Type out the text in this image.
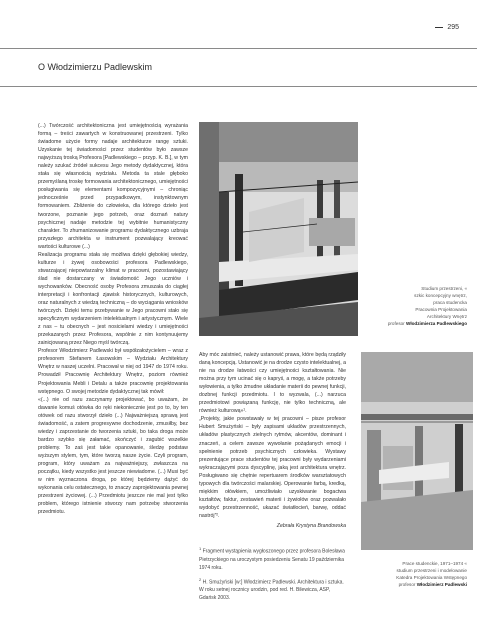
295
O Włodzimierzu Padlewskim

(...) Twórczość architektoniczna jest umiejętnością wyrażania formą – treści zawartych w konstruowanej przestrzeni. Tylko świadome użycie formy nadaje architekturze rangę sztuki. Uzyskanie tej świadomości przez studentów było zawsze najwyższą troską Profesora [Padlewskiego – przyp. K. B.], w tym należy szukać źródeł sukcesu Jego metody dydaktycznej, która stała się własnością wydziału. Metoda ta stale głęboko przemyślaną troskę formowania architektonicznego, umiejętności posługiwania się elementami kompozycyjnymi – chroniąc jednocześnie przed przypadkowym, instynktownym formowaniem. Zbliżenie do człowieka, dla którego dzieło jest tworzone, poznanie jego potrzeb, oraz doznań natury psychicznej nadaje metodzie tej wybitnie humanistyczny charakter. To zhumanizowanie programu dydaktycznego uzbraja przyszłego architekta w instrument pozwalający kreować wartości kulturowe (...)

Realizacja programu stała się możliwa dzięki głębokiej wiedzy, kulturze i żywej osobowości profesora Padlewskiego, stwarzającej niepowtarzalny klimat w pracowni, pozostawiający ślad nie dostarczany w świadomość Jego uczniów i wychowanków. Obecność osoby Profesora zmuszała do ciągłej interpretacji i konfrontacji zjawisk historycznych, kulturowych, oraz naturalnych z wiedzą techniczną – do wyciągania wniosków twórczych. Dzięki temu przebywanie w Jego pracowni stało się specyficznym wydarzeniem intelektualnym i artystycznym. Wiele z nas – tu obecnych – jest nosicielami wiedzy i umiejętności przekazanych przez Profesora, wspólnie z nim kontynuujemy zainicjowaną przez Niego myśl twórczą.

Profesor Włodzimierz Padlewski był współzałożycielem – wraz z profesorem Stefanem Łasowskim – Wydziału Architektury Wnętrz w naszej uczelni. Pracował w niej od 1947 do 1974 roku. Prowadził Pracownię Architektury Wnętrz, poziom również Projektowania Mebli i Detalu a także pracownię projektowania wstępnego. O swojej metodzie dydaktycznej tak mówił:

«(...) nie od razu zaczynamy projektować, bo uważam, że dawanie komuś otówka do ręki niekoniecznie jest po to, by ten otówek od razu stworzył dzieło (...) Najważniejszą sprawą jest świadomość, a zatem progresywne dochodzenie, zmusiłby, bez wiedzy i zaprzestanie do tworzenia sztuki, bo taka droga może bardzo szybko się załamać, skończyć i zagubić wszelkie problemy. To zaś jest takie opanowanie, śledzę podstaw wyższym stylem, tym, które tworzą nasze życie. Czyli program, program, który uważam za najważniejszy, zwłaszcza na początku, kiedy wszystko jest jeszcze niewiadome. (...) Musi być w nim wyznaczona droga, po której będziemy dążyć do wykonania celu ostatecznego, to znaczy zaprojektowania pewnej przestrzeni życiowej. (...) Przedmiotu jeszcze nie mal jest tylko problem, którego istnienie stworzy nam potrzebę stworzenia przedmiotu.

Studium przestrzeni, «
szkic koncepcyjny wnętrz,
praca studencka
Pracownia Projektowania
Architektury Wnętrz
profesor Włodzimierza Padlewskiego

Aby móc zaistnieć, należy ustanowić prawa, które będą rządziły daną koncepcją. Ustanowić je na drodze czysto intelektualnej, a nie na drodze łatwości czy umiejętności kształtowania. Nie można przy tym ucinać się o kapryś, a mogę, a także potrzeby wyłowienia, a tylko żmudne układanie materii do pewnej funkcji, dozbnej funkcji przedmiotu. I to wyzwala, (...) narzuca przedmiotowi powiązaną funkcję, nie tylko techniczną, ale również kulturową»¹.

„Projekty, jakie powstawały w tej pracowni – pisze profesor Hubert Smużyński – były zapisami układów przestrzennych, układów plastycznych zielnych rytmów, akcentów, dominant i znaczeń, a celem zawsze wywołanie pożądanych emocji i spełnienie potrzeb psychicznych człowieka. Wystawy prezentujące prace studentów tej pracowni były wydarzeniami wykraczającymi poza dyscyplinę, jaką jest architektura wnętrz. Posługiwano się chętnie repertuarem środków warsztatowych typowych dla twórczości malarskiej. Operowanie farbą, kredką, miękkim ołówkiem, umożliwiało uzyskiwanie bogactwa kształtów, faktur, zestawień materii i żywiołów oraz pozwalało wydobyć przestrzenność, ukazać światłocień, barwę, oddać nastrój”².

Zebrała Krystyna Brandowska

$^1$ Fragment wystąpienia wygłoszonego przez profesora Bolesława Pietrzyckiego na uroczystym posiedzeniu Senatu 19 października 1974 roku.

$^2$ H. Smużyński [w:] Włodzimierz Padlewski. Architektura i sztuka. W roku setnej rocznicy urodzin, pod red. H. Bilewicza, ASP, Gdańsk 2003.

Prace studenckie, 1971–1974 «
studium przestrzeni i modelowanie
Katedra Projektowania Wstępnego
profesor Włodzimierz Padlewski
